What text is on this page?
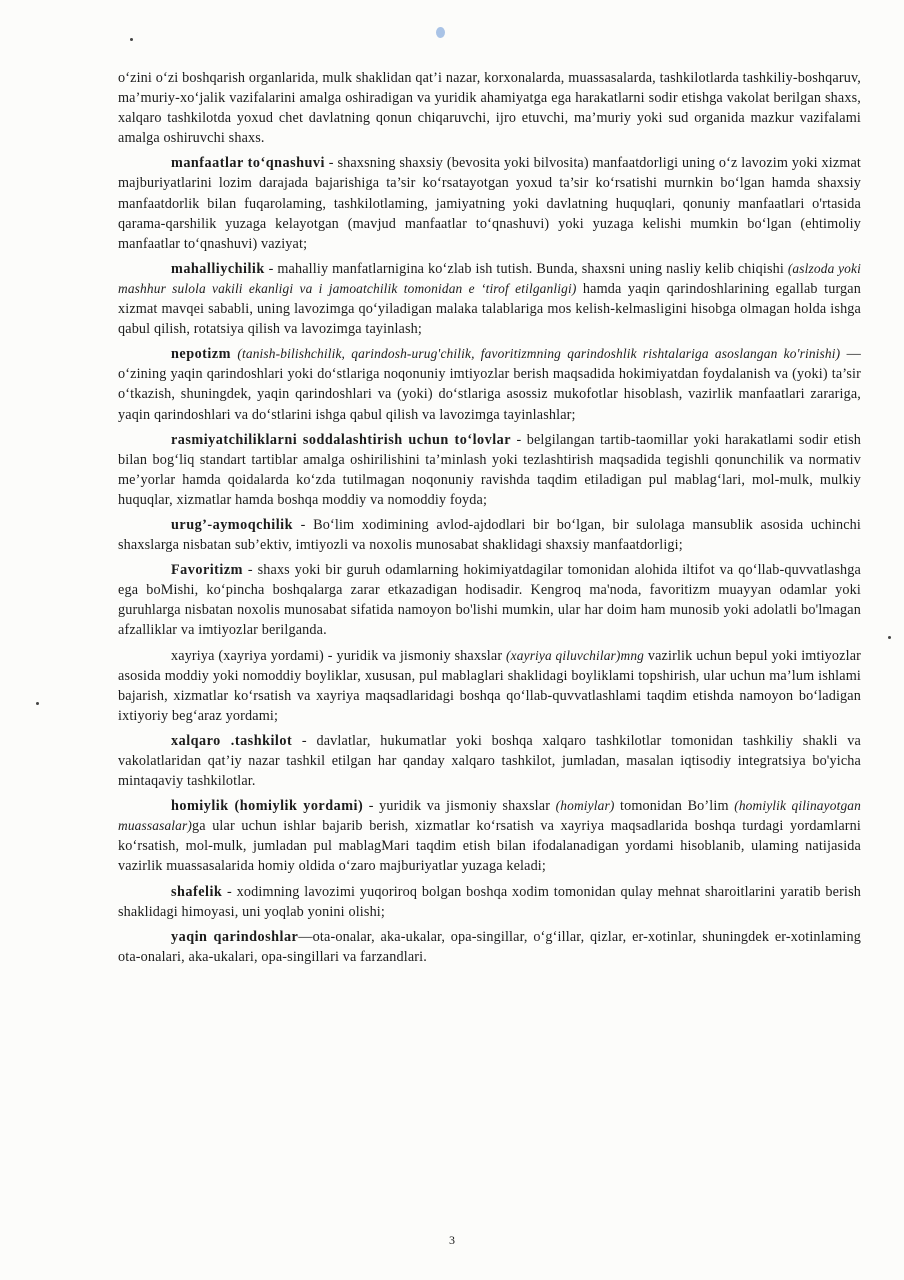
o‘zini o‘zi boshqarish organlarida, mulk shaklidan qat’i nazar, korxonalarda, muassasalarda, tashkilotlarda tashkiliy-boshqaruv, ma’muriy-xo‘jalik vazifalarini amalga oshiradigan va yuridik ahamiyatga ega harakatlarni sodir etishga vakolat berilgan shaxs, xalqaro tashkilotda yoxud chet davlatning qonun chiqaruvchi, ijro etuvchi, ma’muriy yoki sud organida mazkur vazifalami amalga oshiruvchi shaxs.

manfaatlar to‘qnashuvi - shaxsning shaxsiy (bevosita yoki bilvosita) manfaatdorligi uning o‘z lavozim yoki xizmat majburiyatlarini lozim darajada bajarishiga ta’sir ko‘rsatayotgan yoxud ta’sir ko‘rsatishi murnkin bo‘lgan hamda shaxsiy manfaatdorlik bilan fuqarolaming, tashkilotlaming, jamiyatning yoki davlatning huquqlari, qonuniy manfaatlari o'rtasida qarama-qarshilik yuzaga kelayotgan (mavjud manfaatlar to‘qnashuvi) yoki yuzaga kelishi mumkin bo‘lgan (ehtimoliy manfaatlar to‘qnashuvi) vaziyat;

mahalliychilik - mahalliy manfatlarnigina ko‘zlab ish tutish. Bunda, shaxsni uning nasliy kelib chiqishi (aslzoda yoki mashhur sulola vakili ekanligi va i jamoatchilik tomonidan e ‘tirof etilganligi) hamda yaqin qarindoshlarining egallab turgan xizmat mavqei sababli, uning lavozimga qo‘yiladigan malaka talablariga mos kelish-kelmasligini hisobga olmagan holda ishga qabul qilish, rotatsiya qilish va lavozimga tayinlash;

nepotizm (tanish-bilishchilik, qarindosh-urug'chilik, favoritizmning qarindoshlik rishtalariga asoslangan ko'rinishi) — o‘zining yaqin qarindoshlari yoki do‘stlariga noqonuniy imtiyozlar berish maqsadida hokimiyatdan foydalanish va (yoki) ta’sir o‘tkazish, shuningdek, yaqin qarindoshlari va (yoki) do‘stlariga asossiz mukofotlar hisoblash, vazirlik manfaatlari zarariga, yaqin qarindoshlari va do‘stlarini ishga qabul qilish va lavozimga tayinlashlar;

rasmiyatchiliklarni soddalashtirish uchun to‘lovlar - belgilangan tartib-taomillar yoki harakatlami sodir etish bilan bog‘liq standart tartiblar amalga oshirilishini ta’minlash yoki tezlashtirish maqsadida tegishli qonunchilik va normativ me’yorlar hamda qoidalarda ko‘zda tutilmagan noqonuniy ravishda taqdim etiladigan pul mablag‘lari, mol-mulk, mulkiy huquqlar, xizmatlar hamda boshqa moddiy va nomoddiy foyda;

urug’-aymoqchilik - Bo‘lim xodimining avlod-ajdodlari bir bo‘lgan, bir sulolaga mansublik asosida uchinchi shaxslarga nisbatan sub’ektiv, imtiyozli va noxolis munosabat shaklidagi shaxsiy manfaatdorligi;

Favoritizm - shaxs yoki bir guruh odamlarning hokimiyatdagilar tomonidan alohida iltifot va qo‘llab-quvvatlashga ega boMishi, ko‘pincha boshqalarga zarar etkazadigan hodisadir. Kengroq ma'noda, favoritizm muayyan odamlar yoki guruhlarga nisbatan noxolis munosabat sifatida namoyon bo'lishi mumkin, ular har doim ham munosib yoki adolatli bo'lmagan afzalliklar va imtiyozlar berilganda.

xayriya (xayriya yordami) - yuridik va jismoniy shaxslar (xayriya qiluvchilar)mng vazirlik uchun bepul yoki imtiyozlar asosida moddiy yoki nomoddiy boyliklar, xususan, pul mablaglari shaklidagi boyliklami topshirish, ular uchun ma’lum ishlami bajarish, xizmatlar ko‘rsatish va xayriya maqsadlaridagi boshqa qo‘llab-quvvatlashlami taqdim etishda namoyon bo‘ladigan ixtiyoriy beg‘araz yordami;

xalqaro .tashkilot - davlatlar, hukumatlar yoki boshqa xalqaro tashkilotlar tomonidan tashkiliy shakli va vakolatlaridan qat’iy nazar tashkil etilgan har qanday xalqaro tashkilot, jumladan, masalan iqtisodiy integratsiya bo'yicha mintaqaviy tashkilotlar.

homiylik (homiylik yordami) - yuridik va jismoniy shaxslar (homiylar) tomonidan Bo’lim (homiylik qilinayotgan muassasalar)ga ular uchun ishlar bajarib berish, xizmatlar ko‘rsatish va xayriya maqsadlarida boshqa turdagi yordamlarni ko‘rsatish, mol-mulk, jumladan pul mablagMari taqdim etish bilan ifodalanadigan yordami hisoblanib, ulaming natijasida vazirlik muassasalarida homiy oldida o‘zaro majburiyatlar yuzaga keladi;

shafelik - xodimning lavozimi yuqoriroq bolgan boshqa xodim tomonidan qulay mehnat sharoitlarini yaratib berish shaklidagi himoyasi, uni yoqlab yonini olishi;

yaqin qarindoshlar—ota-onalar, aka-ukalar, opa-singillar, o‘g‘illar, qizlar, er-xotinlar, shuningdek er-xotinlaming ota-onalari, aka-ukalari, opa-singillari va farzandlari.

3
